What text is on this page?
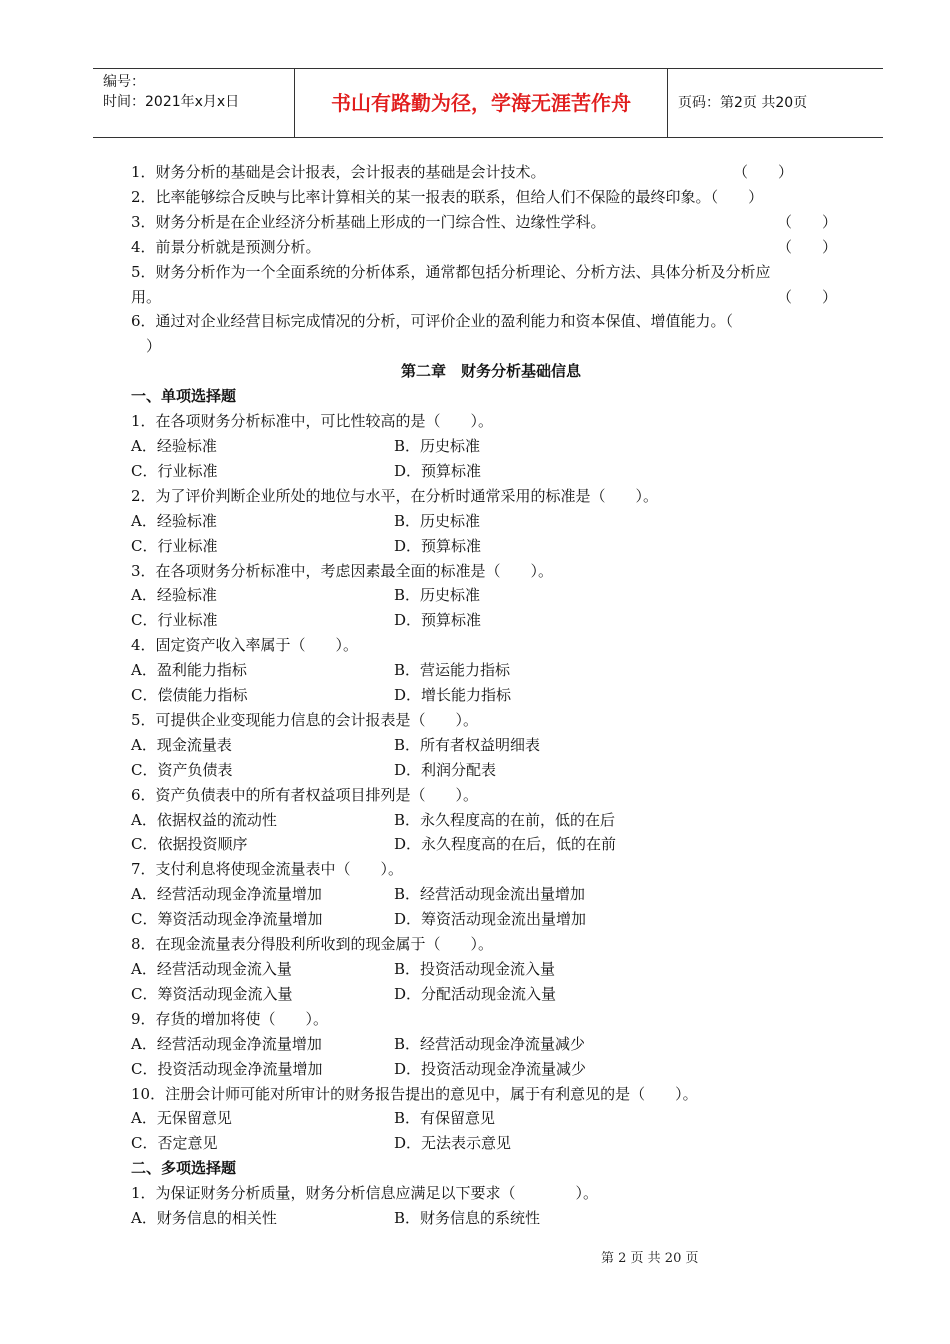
编号：
时间：2021年x月x日	书山有路勤为径，学海无涯苦作舟	页码：第2页 共20页
1．财务分析的基础是会计报表，会计报表的基础是会计技术。	（　　）
2．比率能够综合反映与比率计算相关的某一报表的联系，但给人们不保险的最终印象。（　　）
3．财务分析是在企业经济分析基础上形成的一门综合性、边缘性学科。	（　　）
4．前景分析就是预测分析。	（　　）
5．财务分析作为一个全面系统的分析体系，通常都包括分析理论、分析方法、具体分析及分析应
用。	（　　）
6．通过对企业经营目标完成情况的分析，可评价企业的盈利能力和资本保值、增值能力。（
　）
第二章　财务分析基础信息
一、单项选择题
1．在各项财务分析标准中，可比性较高的是（　　）。
A．经验标准	B．历史标准
C．行业标准	D．预算标准
2．为了评价判断企业所处的地位与水平，在分析时通常采用的标准是（　　）。
A．经验标准	B．历史标准
C．行业标准	D．预算标准
3．在各项财务分析标准中，考虑因素最全面的标准是（　　）。
A．经验标准	B．历史标准
C．行业标准	D．预算标准
4．固定资产收入率属于（　　）。
A．盈利能力指标	B．营运能力指标
C．偿债能力指标	D．增长能力指标
5．可提供企业变现能力信息的会计报表是（　　）。
A．现金流量表	B．所有者权益明细表
C．资产负债表	D．利润分配表
6．资产负债表中的所有者权益项目排列是（　　）。
A．依据权益的流动性	B．永久程度高的在前，低的在后
C．依据投资顺序	D．永久程度高的在后，低的在前
7．支付利息将使现金流量表中（　　）。
A．经营活动现金净流量增加	B．经营活动现金流出量增加
C．筹资活动现金净流量增加	D．筹资活动现金流出量增加
8．在现金流量表分得股利所收到的现金属于（　　）。
A．经营活动现金流入量	B．投资活动现金流入量
C．筹资活动现金流入量	D．分配活动现金流入量
9．存货的增加将使（　　）。
A．经营活动现金净流量增加	B．经营活动现金净流量减少
C．投资活动现金净流量增加	D．投资活动现金净流量减少
10．注册会计师可能对所审计的财务报告提出的意见中，属于有利意见的是（　　）。
A．无保留意见	B．有保留意见
C．否定意见	D．无法表示意见
二、多项选择题
1．为保证财务分析质量，财务分析信息应满足以下要求（　　　　）。
A．财务信息的相关性	B．财务信息的系统性
第 2 页 共 20 页
